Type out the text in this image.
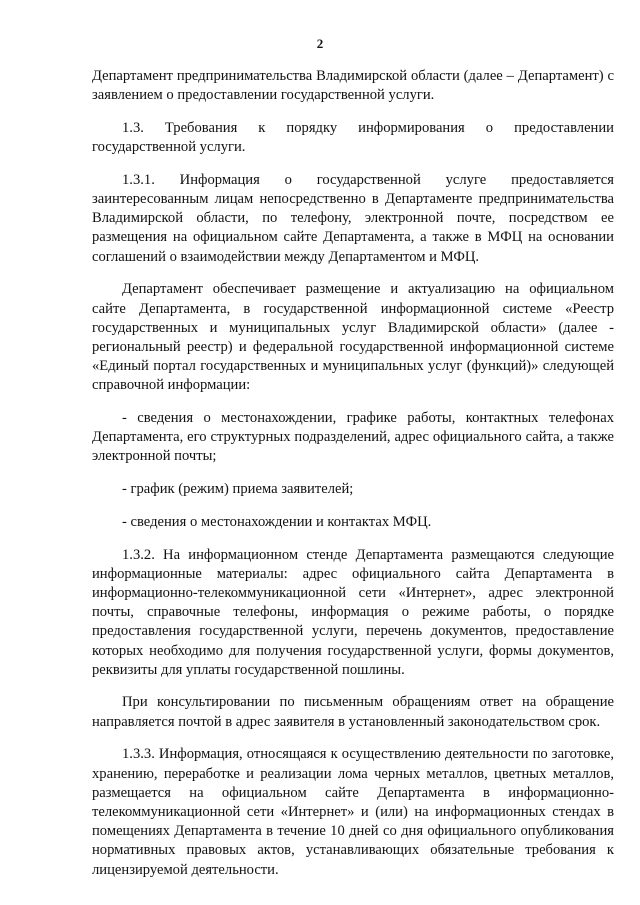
2

Департамент предпринимательства Владимирской области (далее – Департамент) с заявлением о предоставлении государственной услуги.

1.3. Требования к порядку информирования о предоставлении государственной услуги.

1.3.1. Информация о государственной услуге предоставляется заинтересованным лицам непосредственно в Департаменте предпринимательства Владимирской области, по телефону, электронной почте, посредством ее размещения на официальном сайте Департамента, а также в МФЦ на основании соглашений о взаимодействии между Департаментом и МФЦ.

Департамент обеспечивает размещение и актуализацию на официальном сайте Департамента, в государственной информационной системе «Реестр государственных и муниципальных услуг Владимирской области» (далее - региональный реестр) и федеральной государственной информационной системе «Единый портал государственных и муниципальных услуг (функций)» следующей справочной информации:

- сведения о местонахождении, графике работы, контактных телефонах Департамента, его структурных подразделений, адрес официального сайта, а также электронной почты;

- график (режим) приема заявителей;

- сведения о местонахождении и контактах МФЦ.

1.3.2. На информационном стенде Департамента размещаются следующие информационные материалы: адрес официального сайта Департамента в информационно-телекоммуникационной сети «Интернет», адрес электронной почты, справочные телефоны, информация о режиме работы, о порядке предоставления государственной услуги, перечень документов, предоставление которых необходимо для получения государственной услуги, формы документов, реквизиты для уплаты государственной пошлины.

При консультировании по письменным обращениям ответ на обращение направляется почтой в адрес заявителя в установленный законодательством срок.

1.3.3. Информация, относящаяся к осуществлению деятельности по заготовке, хранению, переработке и реализации лома черных металлов, цветных металлов, размещается на официальном сайте Департамента в информационно-телекоммуникационной сети «Интернет» и (или) на информационных стендах в помещениях Департамента в течение 10 дней со дня официального опубликования нормативных правовых актов, устанавливающих обязательные требования к лицензируемой деятельности.
